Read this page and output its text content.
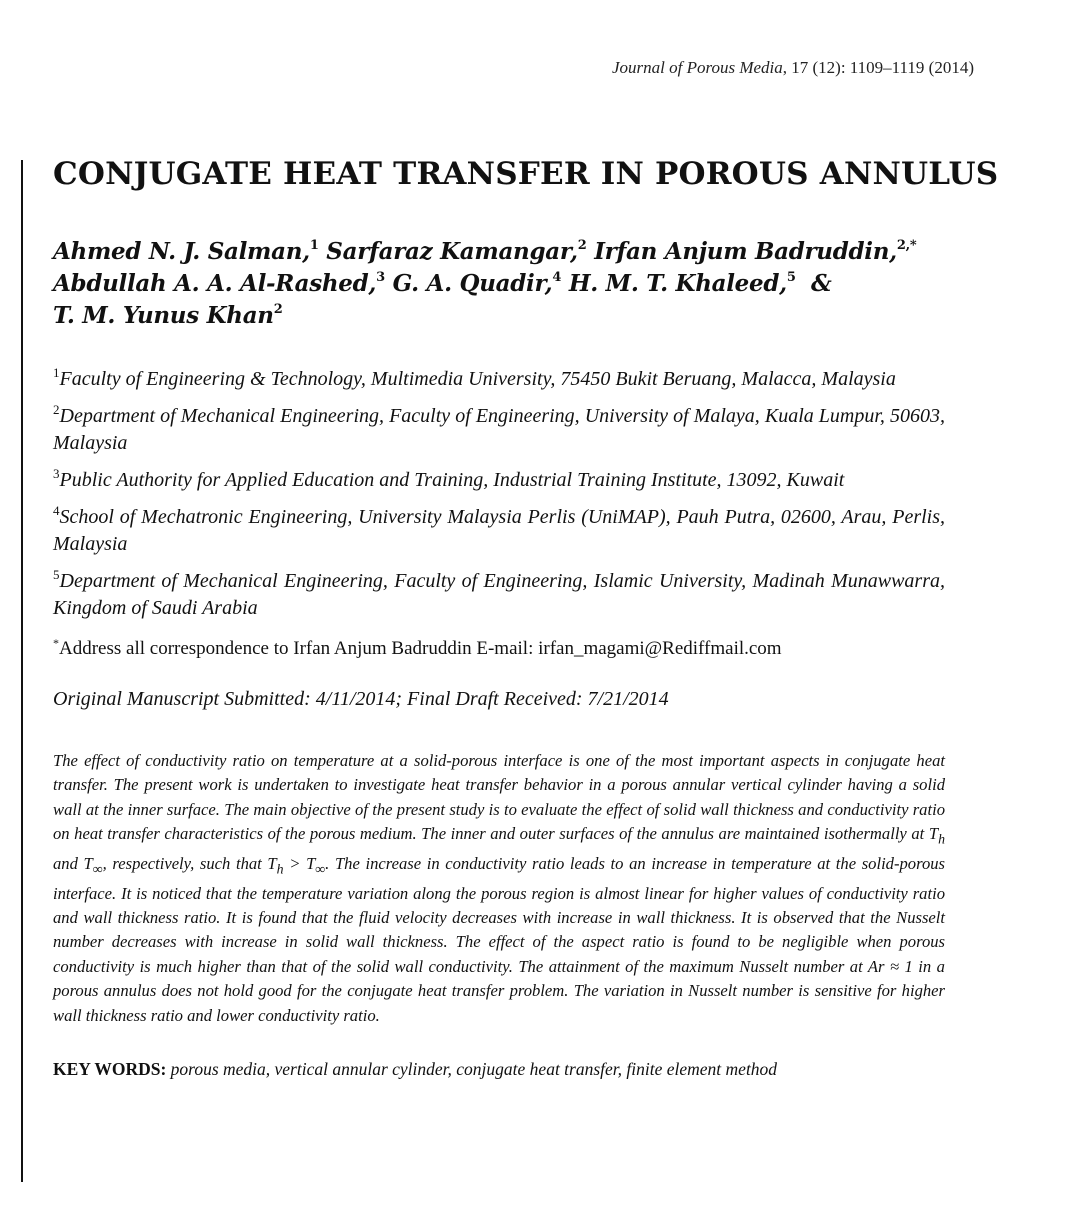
Journal of Porous Media, 17 (12): 1109–1119 (2014)
CONJUGATE HEAT TRANSFER IN POROUS ANNULUS
Ahmed N. J. Salman,$^1$ Sarfaraz Kamangar,$^2$ Irfan Anjum Badruddin,$^{2,*}$
Abdullah A. A. Al-Rashed,$^3$ G. A. Quadir,$^4$ H. M. T. Khaleed,$^5$ &
T. M. Yunus Khan$^2$
$^1$Faculty of Engineering & Technology, Multimedia University, 75450 Bukit Beruang, Malacca, Malaysia
$^2$Department of Mechanical Engineering, Faculty of Engineering, University of Malaya, Kuala Lumpur, 50603, Malaysia
$^3$Public Authority for Applied Education and Training, Industrial Training Institute, 13092, Kuwait
$^4$School of Mechatronic Engineering, University Malaysia Perlis (UniMAP), Pauh Putra, 02600, Arau, Perlis, Malaysia
$^5$Department of Mechanical Engineering, Faculty of Engineering, Islamic University, Madinah Munawwarra, Kingdom of Saudi Arabia
*Address all correspondence to Irfan Anjum Badruddin E-mail: irfan_magami@Rediffmail.com
Original Manuscript Submitted: 4/11/2014; Final Draft Received: 7/21/2014
The effect of conductivity ratio on temperature at a solid-porous interface is one of the most important aspects in conjugate heat transfer. The present work is undertaken to investigate heat transfer behavior in a porous annular vertical cylinder having a solid wall at the inner surface. The main objective of the present study is to evaluate the effect of solid wall thickness and conductivity ratio on heat transfer characteristics of the porous medium. The inner and outer surfaces of the annulus are maintained isothermally at $T_h$ and $T_\infty$, respectively, such that $T_h > T_\infty$. The increase in conductivity ratio leads to an increase in temperature at the solid-porous interface. It is noticed that the temperature variation along the porous region is almost linear for higher values of conductivity ratio and wall thickness ratio. It is found that the fluid velocity decreases with increase in wall thickness. It is observed that the Nusselt number decreases with increase in solid wall thickness. The effect of the aspect ratio is found to be negligible when porous conductivity is much higher than that of the solid wall conductivity. The attainment of the maximum Nusselt number at Ar ≈ 1 in a porous annulus does not hold good for the conjugate heat transfer problem. The variation in Nusselt number is sensitive for higher wall thickness ratio and lower conductivity ratio.
KEY WORDS: porous media, vertical annular cylinder, conjugate heat transfer, finite element method
